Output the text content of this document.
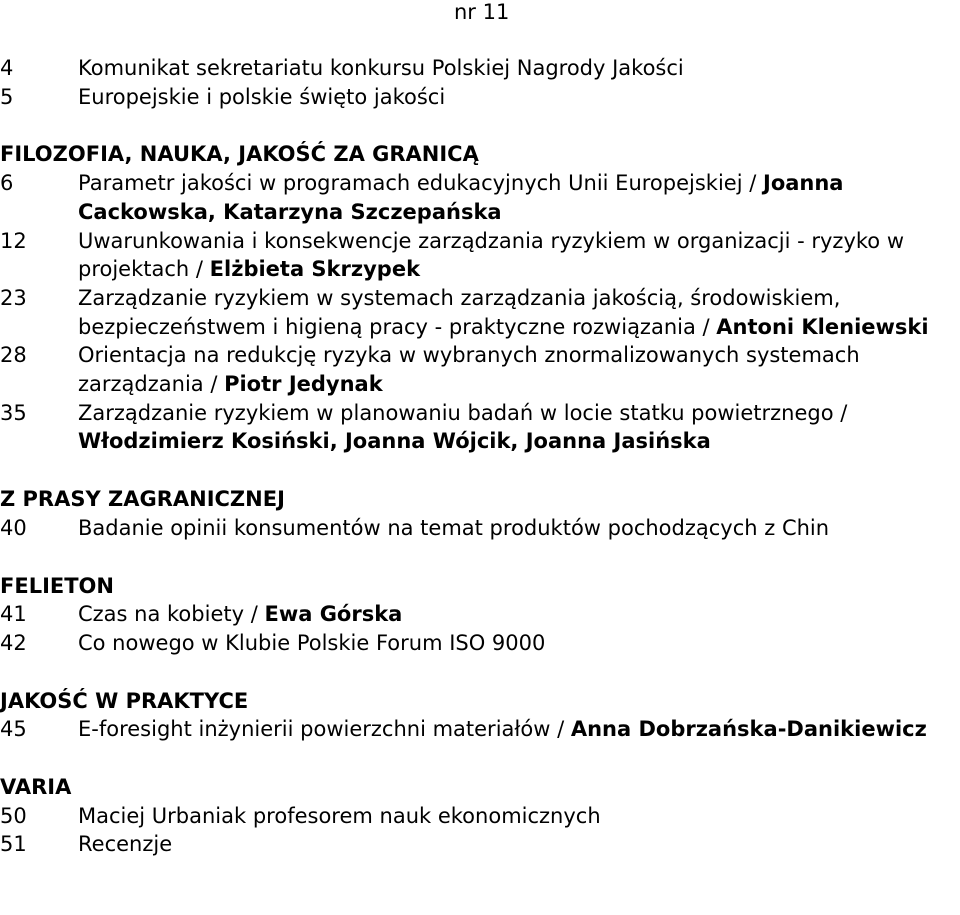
nr 11
4	Komunikat sekretariatu konkursu Polskiej Nagrody Jakości
5	Europejskie i polskie święto jakości
FILOZOFIA, NAUKA, JAKOŚĆ ZA GRANICĄ
6	Parametr jakości w programach edukacyjnych Unii Europejskiej / Joanna Cackowska, Katarzyna Szczepańska
12	Uwarunkowania i konsekwencje zarządzania ryzykiem w organizacji - ryzyko w projektach / Elżbieta Skrzypek
23	Zarządzanie ryzykiem w systemach zarządzania jakością, środowiskiem, bezpieczeństwem i higieną pracy - praktyczne rozwiązania / Antoni Kleniewski
28	Orientacja na redukcję ryzyka w wybranych znormalizowanych systemach zarządzania / Piotr Jedynak
35	Zarządzanie ryzykiem w planowaniu badań w locie statku powietrznego / Włodzimierz Kosiński, Joanna Wójcik, Joanna Jasińska
Z PRASY ZAGRANICZNEJ
40	Badanie opinii konsumentów na temat produktów pochodzących z Chin
FELIETON
41	Czas na kobiety / Ewa Górska
42	Co nowego w Klubie Polskie Forum ISO 9000
JAKOŚĆ W PRAKTYCE
45	E-foresight inżynierii powierzchni materiałów / Anna Dobrzańska-Danikiewicz
VARIA
50	Maciej Urbaniak profesorem nauk ekonomicznych
51	Recenzje
